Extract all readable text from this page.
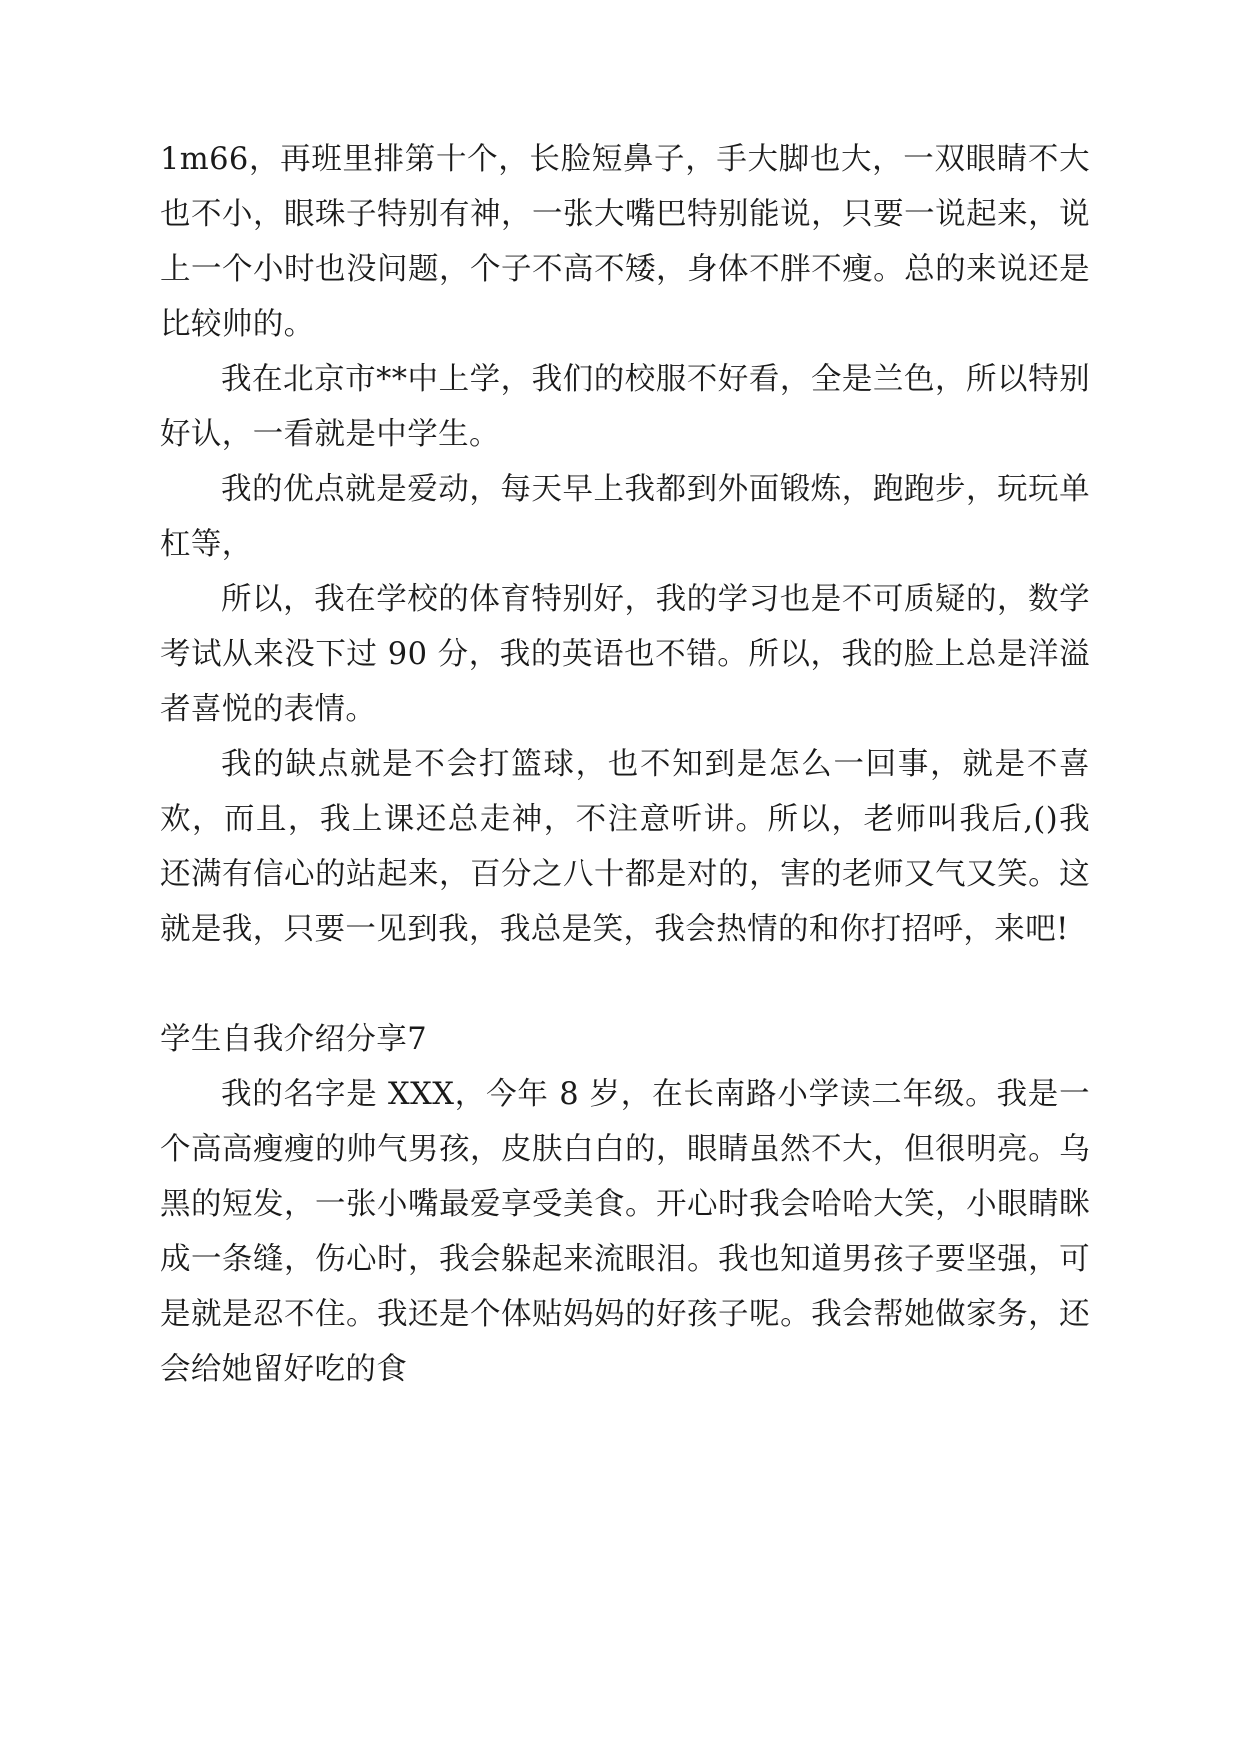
1m66，再班里排第十个，长脸短鼻子，手大脚也大，一双眼睛不大也不小，眼珠子特别有神，一张大嘴巴特别能说，只要一说起来，说上一个小时也没问题，个子不高不矮，身体不胖不瘦。总的来说还是比较帅的。

我在北京市**中上学，我们的校服不好看，全是兰色，所以特别好认，一看就是中学生。

我的优点就是爱动，每天早上我都到外面锻炼，跑跑步，玩玩单杠等，

所以，我在学校的体育特别好，我的学习也是不可质疑的，数学考试从来没下过 90 分，我的英语也不错。所以，我的脸上总是洋溢者喜悦的表情。

我的缺点就是不会打篮球，也不知到是怎么一回事，就是不喜欢，而且，我上课还总走神，不注意听讲。所以，老师叫我后,()我还满有信心的站起来，百分之八十都是对的，害的老师又气又笑。这就是我，只要一见到我，我总是笑，我会热情的和你打招呼，来吧!

学生自我介绍分享7

我的名字是 XXX，今年 8 岁，在长南路小学读二年级。我是一个高高瘦瘦的帅气男孩，皮肤白白的，眼睛虽然不大，但很明亮。乌黑的短发，一张小嘴最爱享受美食。开心时我会哈哈大笑，小眼睛眯成一条缝，伤心时，我会躲起来流眼泪。我也知道男孩子要坚强，可是就是忍不住。我还是个体贴妈妈的好孩子呢。我会帮她做家务，还会给她留好吃的食
